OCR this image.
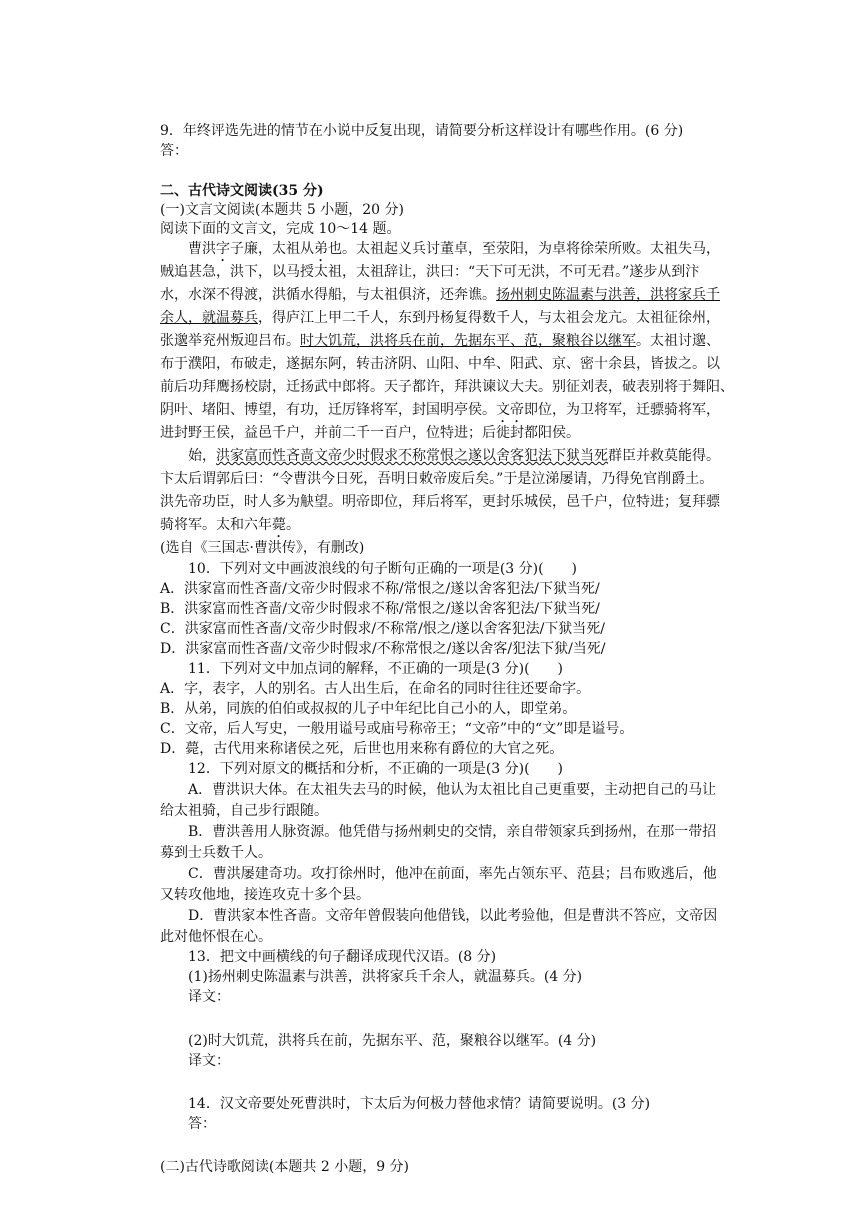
9．年终评选先进的情节在小说中反复出现，请简要分析这样设计有哪些作用。(6 分)
答：
二、古代诗文阅读(35 分)
(一)文言文阅读(本题共 5 小题，20 分)
阅读下面的文言文，完成 10～14 题。
曹洪字子廉，太祖从弟也。太祖起义兵讨董卓，至荥阳，为卓将徐荣所败。太祖失马，
贼追甚急，洪下，以马授太祖，太祖辞让，洪曰：“天下可无洪，不可无君。”遂步从到汴
水，水深不得渡，洪循水得船，与太祖俱济，还奔谯。扬州刺史陈温素与洪善，洪将家兵千
余人，就温募兵，得庐江上甲二千人，东到丹杨复得数千人，与太祖会龙亢。太祖征徐州，
张邈举兖州叛迎吕布。时大饥荒，洪将兵在前，先据东平、范，聚粮谷以继军。太祖讨邈、
布于濮阳，布破走，遂据东阿，转击济阴、山阳、中牟、阳武、京、密十余县，皆拔之。以
前后功拜鹰扬校尉，迁扬武中郎将。天子都许，拜洪谏议大夫。别征刘表，破表别将于舞阳、
阴叶、堵阳、博望，有功，迁厉锋将军，封国明亭侯。文帝即位，为卫将军，迁骠骑将军，
进封野王侯，益邑千户，并前二千一百户，位特进；后徙封都阳侯。
始，洪家富而性吝啬文帝少时假求不称常恨之遂以舍客犯法下狱当死群臣并救莫能得。
卞太后谓郭后曰：“令曹洪今日死，吾明日敕帝废后矣。”于是泣涕屡请，乃得免官削爵土。
洪先帝功臣，时人多为觖望。明帝即位，拜后将军，更封乐城侯，邑千户，位特进；复拜骠
骑将军。太和六年薨。
(选自《三国志·曹洪传》，有删改)
10．下列对文中画波浪线的句子断句正确的一项是(3 分)(　　)
A．洪家富而性吝啬/文帝少时假求不称/常恨之/遂以舍客犯法/下狱当死/
B．洪家富而性吝啬/文帝少时假求不称/常恨之/遂以舍客犯法/下狱当死/
C．洪家富而性吝啬/文帝少时假求/不称常/恨之/遂以舍客犯法/下狱当死/
D．洪家富而性吝啬/文帝少时假求/不称常恨之/遂以舍客/犯法下狱/当死/
11．下列对文中加点词的解释，不正确的一项是(3 分)(　　)
A．字，表字，人的别名。古人出生后，在命名的同时往往还要命字。
B．从弟，同族的伯伯或叔叔的儿子中年纪比自己小的人，即堂弟。
C．文帝，后人写史，一般用谥号或庙号称帝王；“文帝”中的“文”即是谥号。
D．薨，古代用来称诸侯之死，后世也用来称有爵位的大官之死。
12．下列对原文的概括和分析，不正确的一项是(3 分)(　　)
A．曹洪识大体。在太祖失去马的时候，他认为太祖比自己更重要，主动把自己的马让
给太祖骑，自己步行跟随。
B．曹洪善用人脉资源。他凭借与扬州刺史的交情，亲自带领家兵到扬州，在那一带招
募到士兵数千人。
C．曹洪屡建奇功。攻打徐州时，他冲在前面，率先占领东平、范县；吕布败逃后，他
又转攻他地，接连攻克十多个县。
D．曹洪家本性吝啬。文帝年曾假装向他借钱，以此考验他，但是曹洪不答应，文帝因
此对他怀恨在心。
13．把文中画横线的句子翻译成现代汉语。(8 分)
(1)扬州刺史陈温素与洪善，洪将家兵千余人，就温募兵。(4 分)
译文：
(2)时大饥荒，洪将兵在前，先据东平、范，聚粮谷以继军。(4 分)
译文：
14．汉文帝要处死曹洪时，卞太后为何极力替他求情？请简要说明。(3 分)
答：
(二)古代诗歌阅读(本题共 2 小题，9 分)
